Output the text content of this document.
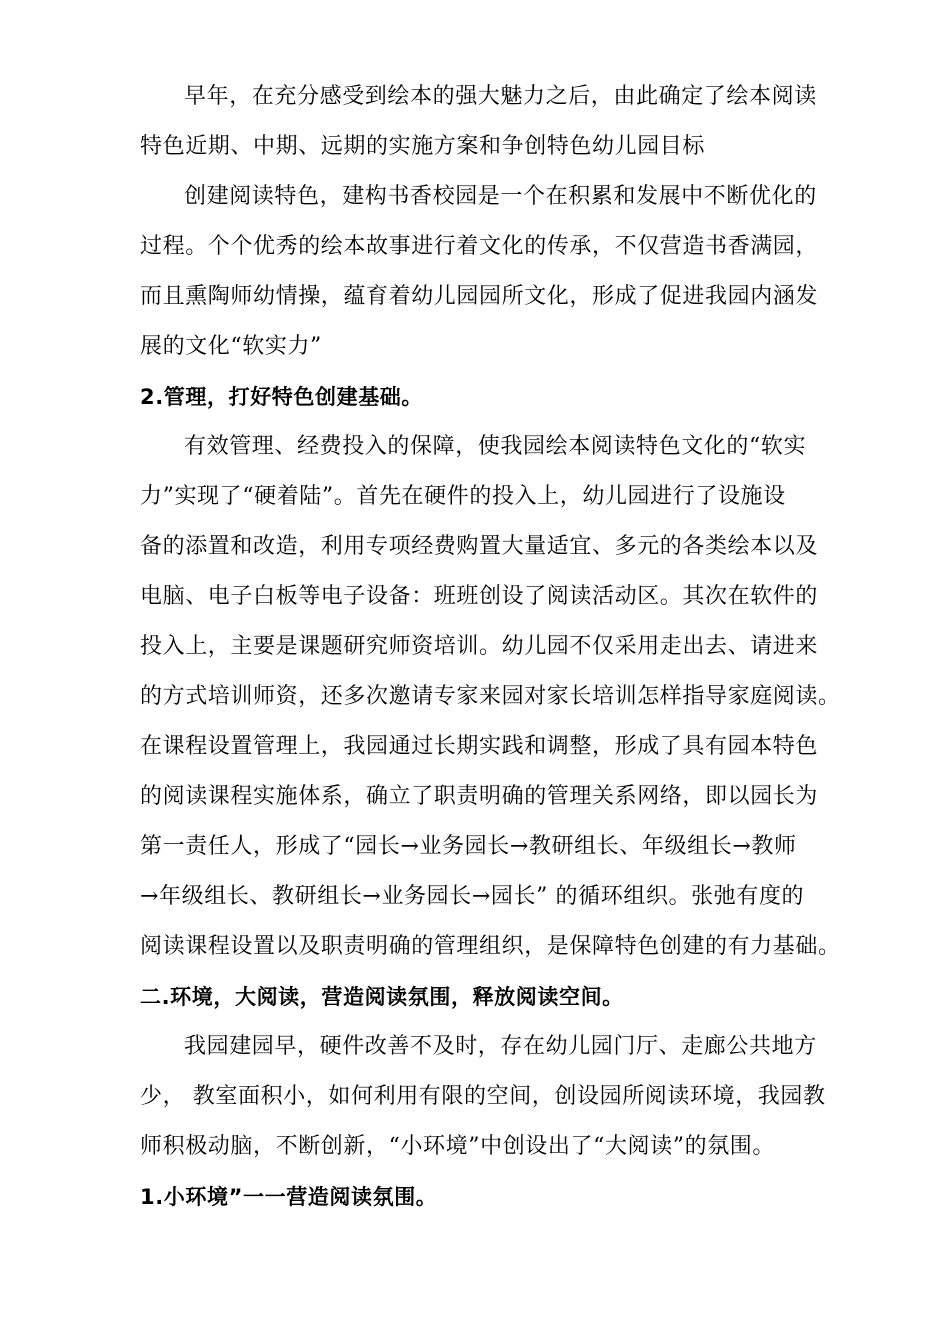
早年，在充分感受到绘本的强大魅力之后，由此确定了绘本阅读
特色近期、中期、远期的实施方案和争创特色幼儿园目标
创建阅读特色，建构书香校园是一个在积累和发展中不断优化的
过程。个个优秀的绘本故事进行着文化的传承，不仅营造书香满园，
而且熏陶师幼情操，蕴育着幼儿园园所文化，形成了促进我园内涵发
展的文化“软实力”
2.管理，打好特色创建基础。
有效管理、经费投入的保障，使我园绘本阅读特色文化的“软实
力”实现了“硬着陆”。首先在硬件的投入上，幼儿园进行了设施设
备的添置和改造，利用专项经费购置大量适宜、多元的各类绘本以及
电脑、电子白板等电子设备：班班创设了阅读活动区。其次在软件的
投入上，主要是课题研究师资培训。幼儿园不仅采用走出去、请进来
的方式培训师资，还多次邀请专家来园对家长培训怎样指导家庭阅读。
在课程设置管理上，我园通过长期实践和调整，形成了具有园本特色
的阅读课程实施体系，确立了职责明确的管理关系网络，即以园长为
第一责任人，形成了“园长→业务园长→教研组长、年级组长→教师
→年级组长、教研组长→业务园长→园长” 的循环组织。张弛有度的
阅读课程设置以及职责明确的管理组织，是保障特色创建的有力基础。
二.环境，大阅读，营造阅读氛围，释放阅读空间。
我园建园早，硬件改善不及时，存在幼儿园门厅、走廊公共地方
少， 教室面积小，如何利用有限的空间，创设园所阅读环境，我园教
师积极动脑，不断创新，“小环境”中创设出了“大阅读”的氛围。
1.小环境”一一营造阅读氛围。
